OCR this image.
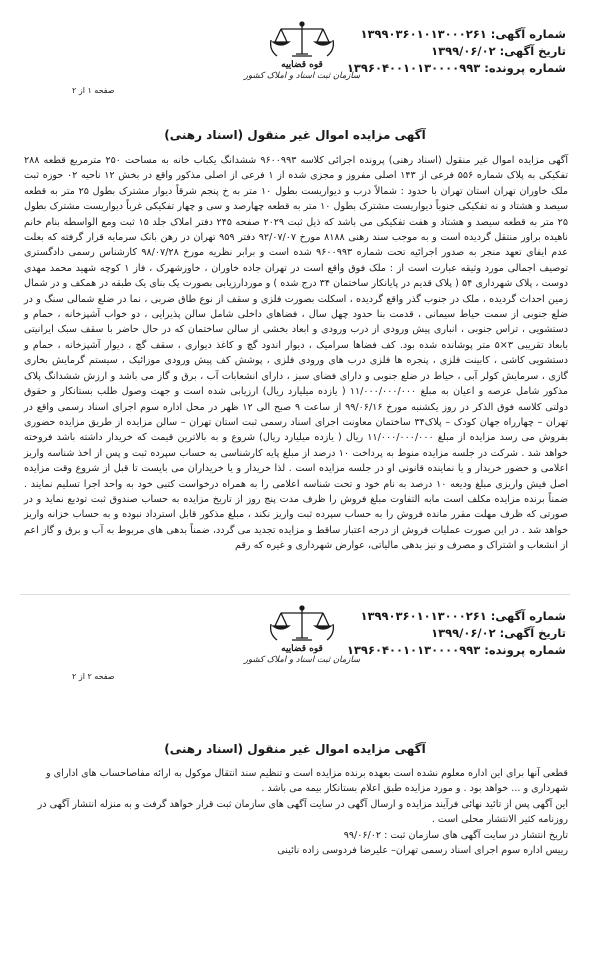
شماره آگهی: ۱۳۹۹۰۳۶۰۱۰۱۳۰۰۰۲۶۱
تاریخ آگهی: ۱۳۹۹/۰۶/۰۲
شماره پرونده: ۱۳۹۶۰۴۰۰۱۰۱۳۰۰۰۰۹۹۳
قوه قضاییه
سازمان ثبت اسناد و املاک کشور
صفحه ۱ از ۲
آگهی مزایده اموال غیر منقول (اسناد رهنی)
آگهی مزایده اموال غیر منقول (اسناد رهنی) پرونده اجرائی کلاسه ۹۶۰۰۹۹۳ ششدانگ یکباب خانه به مساحت ۲۵۰ مترمربع قطعه ۲۸۸ تفکیکی به پلاک شماره ۵۵۶ فرعی از ۱۴۳ اصلی مفروز و مجزی شده از ۱ فرعی از اصلی مذکور واقع در بخش ۱۲ ناحیه ۰۲ حوزه ثبت ملک خاوران تهران استان تهران با حدود : شمالاً درب و دیواریست بطول ۱۰ متر به خ پنجم شرقاً دیوار مشترک بطول ۲۵ متر به قطعه سیصد و هشتاد و نه تفکیکی جنوباً دیواریست مشترک بطول ۱۰ متر به قطعه چهارصد و سی و چهار تفکیکی غرباً دیواریست مشترک بطول ۲۵ متر به قطعه سیصد و هشتاد و هفت تفکیکی می باشد که ذیل ثبت ۲۰۲۹ صفحه ۲۴۵ دفتر املاک جلد ۱۵ ثبت ومع الواسطه بنام خانم ناهیده براور منتقل گردیده است و به موجب سند رهنی ۸۱۸۸ مورخ ۹۲/۰۷/۰۷ دفتر ۹۵۹ تهران در رهن بانک سرمایه قرار گرفته که بعلت عدم ایفای تعهد منجر به صدور اجرائیه تحت شماره ۹۶۰۰۹۹۳ شده است و برابر نظریه مورخ ۹۸/۰۷/۲۸ کارشناس رسمی دادگستری توصیف اجمالی مورد وثیقه عبارت است از : ملک فوق واقع است در تهران جاده خاوران ، خاورشهرک ، فاز ۱ کوچه شهید محمد مهدی دوست ، پلاک شهرداری ۵۴ ( پلاک قدیم در پایانکار ساختمان ۳۴ درج شده ) و موردارزیابی بصورت یک بنای یک طبقه در همکف و در شمال زمین احداث گردیده ، ملک در جنوب گذر واقع گردیده ، اسکلت بصورت فلزی و سقف از نوع طاق ضربی ، نما در ضلع شمالی سنگ و در ضلع جنوبی از سمت حیاط سیمانی ، قدمت بنا حدود چهل سال ، فضاهای داخلی شامل سالن پذیرایی ، دو خواب آشپزخانه ، حمام و دستشویی ، تراس جنوبی ، انباری پیش ورودی از درب ورودی و ابعاد بخشی از سالن ساختمان که در حال حاضر با سقف سبک ایرانیتی بابعاد تقریبی ۳×۵ متر پوشانده شده بود. کف فضاها سرامیک ، دیوار اندود گچ و کاغذ دیواری ، سقف گچ ، دیوار آشپزخانه ، حمام و دستشویی کاشی ، کابینت فلزی ، پنجره ها فلزی درب های ورودی فلزی ، پوشش کف پیش ورودی موزائیک ، سیستم گرمایش بخاری گازی ، سرمایش کولر آبی ، حیاط در ضلع جنوبی و دارای فضای سبز ، دارای انشعابات آب ، برق و گاز می باشد و ارزش ششدانگ پلاک مذکور شامل عرصه و اعیان به مبلغ ۱۱/۰۰۰/۰۰۰/۰۰۰ ( یازده میلیارد ریال) ارزیابی شده است و جهت وصول طلب بستانکار و حقوق دولتی کلاسه فوق الذکر در روز یکشنبه مورخ ۹۹/۰۶/۱۶ از ساعت ۹ صبح الی ۱۲ ظهر در محل اداره سوم اجرای اسناد رسمی واقع در تهران – چهارراه جهان کودک – پلاک۳۴ ساختمان معاونت اجرای اسناد رسمی ثبت استان تهران – سالن مزایده از طریق مزایده حضوری بفروش می رسد مزایده از مبلغ ۱۱/۰۰۰/۰۰۰/۰۰۰ ریال ( یازده میلیارد ریال) شروع و به بالاترین قیمت که خریدار داشته باشد فروخته خواهد شد . شرکت در جلسه مزایده منوط به پرداخت ۱۰ درصد از مبلغ پایه کارشناسی به حساب سپرده ثبت و پس از اخذ شناسه واریز اعلامی و حضور خریدار و یا نماینده قانونی او در جلسه مزایده است . لذا خریدار و یا خریداران می بایست تا قبل از شروع وقت مزایده اصل فیش واریزی مبلغ ودیعه ۱۰ درصد به نام خود و تحت شناسه اعلامی را به همراه درخواست کتبی خود به واحد اجرا تسلیم نمایند . ضمناً برنده مزایده مکلف است مابه التفاوت مبلغ فروش را ظرف مدت پنج روز از تاریخ مزایده به حساب صندوق ثبت تودیع نماید و در صورتی که ظرف مهلت مقرر مانده فروش را به حساب سپرده ثبت واریز نکند ، مبلغ مذکور قابل استرداد نبوده و به حساب خزانه واریز خواهد شد . در این صورت عملیات فروش از درجه اعتبار ساقط و مزایده تجدید می گردد، ضمناً بدهی های مربوط به آب و برق و گاز اعم از انشعاب و اشتراک و مصرف و نیز بدهی مالیاتی، عوارض شهرداری و غیره که رقم
شماره آگهی: ۱۳۹۹۰۳۶۰۱۰۱۳۰۰۰۲۶۱
تاریخ آگهی: ۱۳۹۹/۰۶/۰۲
شماره پرونده: ۱۳۹۶۰۴۰۰۱۰۱۳۰۰۰۰۹۹۳
قوه قضاییه
سازمان ثبت اسناد و املاک کشور
صفحه ۲ از ۲
آگهی مزایده اموال غیر منقول (اسناد رهنی)

قطعی آنها برای این اداره معلوم نشده است بعهده برنده مزایده است و تنظیم سند انتقال موکول به ارائه مفاصاحساب های ادارای و شهرداری و ... خواهد بود . و مورد مزایده طبق اعلام بستانکار بیمه می باشد .

این آگهی پس از تائید نهائی فرآیند مزایده و ارسال آگهی در سایت آگهی های سازمان ثبت قرار خواهد گرفت و به منزله انتشار آگهی در روزنامه کثیر الانتشار محلی است .

تاریخ انتشار در سایت آگهی های سازمان ثبت : ۹۹/۰۶/۰۲

رییس اداره سوم اجرای اسناد رسمی تهران– علیرضا فردوسی زاده نائینی
